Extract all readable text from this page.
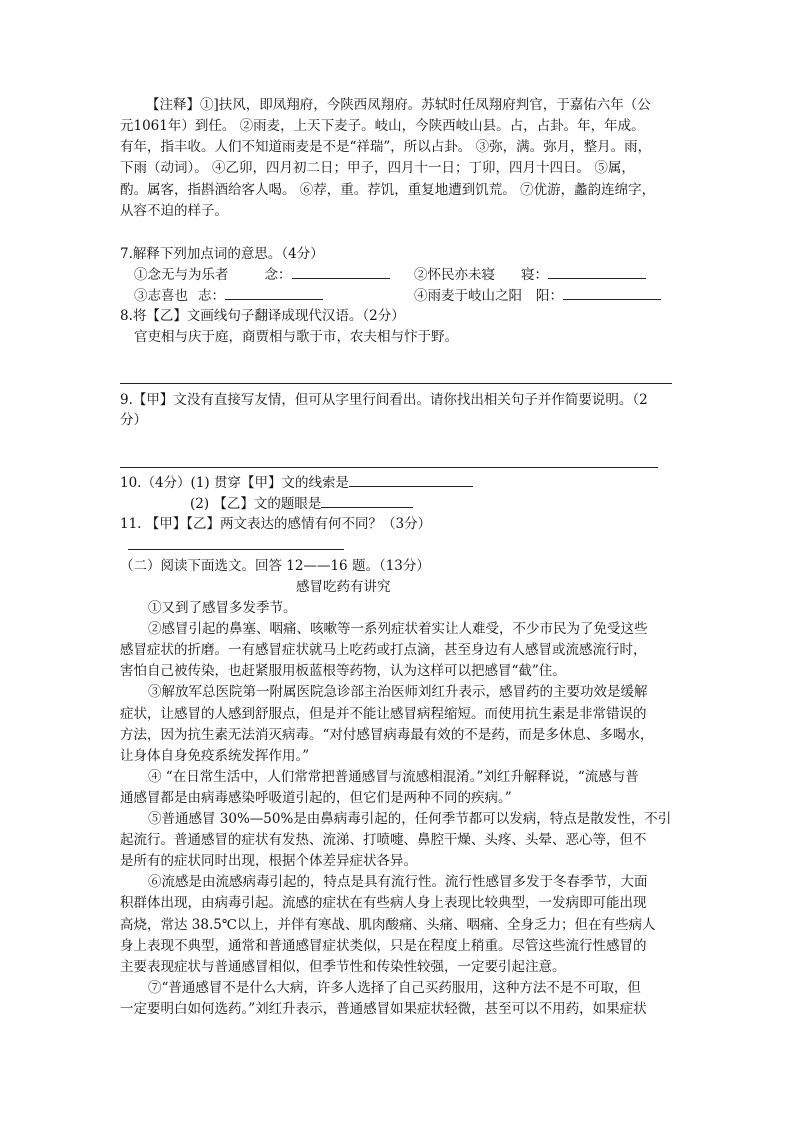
【注释】①]扶风，即凤翔府，今陕西凤翔府。苏轼时任凤翔府判官，于嘉佑六年（公
元1061年）到任。 ②雨麦，上天下麦子。岐山，今陕西岐山县。占，占卦。年，年成。
有年，指丰收。人们不知道雨麦是不是“祥瑞”，所以占卦。 ③弥，满。弥月，整月。雨，
下雨（动词）。 ④乙卯，四月初二日；甲子，四月十一日；丁卯，四月十四日。 ⑤属，
酌。属客，指斟酒给客人喝。 ⑥荐，重。荐饥，重复地遭到饥荒。 ⑦优游，蠡韵连绵字，
从容不迫的样子。
7.解释下列加点词的意思。（4分）
①念无与为乐者	念：	②怀民亦未寝 寝：
③志喜也 志：	④雨麦于岐山之阳 阳：
8.将【乙】文画线句子翻译成现代汉语。（2分）
官吏相与庆于庭，商贾相与歌于市，农夫相与忭于野。
9.【甲】文没有直接写友情，但可从字里行间看出。请你找出相关句子并作简要说明。（2
分）
10.（4分）(1) 贯穿【甲】文的线索是
(2) 【乙】文的题眼是
11. 【甲】【乙】两文表达的感情有何不同？（3分）
（二）阅读下面选文。回答 12——16 题。（13分）
感冒吃药有讲究
①又到了感冒多发季节。
②感冒引起的鼻塞、咽痛、咳嗽等一系列症状着实让人难受，不少市民为了免受这些
感冒症状的折磨。一有感冒症状就马上吃药或打点滴，甚至身边有人感冒或流感流行时，
害怕自己被传染，也赶紧服用板蓝根等药物，认为这样可以把感冒“截”住。
③解放军总医院第一附属医院急诊部主治医师刘红升表示，感冒药的主要功效是缓解
症状，让感冒的人感到舒服点，但是并不能让感冒病程缩短。而使用抗生素是非常错误的
方法，因为抗生素无法消灭病毒。“对付感冒病毒最有效的不是药，而是多休息、多喝水，
让身体自身免疫系统发挥作用。”
④ “在日常生活中，人们常常把普通感冒与流感相混淆。”刘红升解释说，“流感与普
通感冒都是由病毒感染呼吸道引起的，但它们是两种不同的疾病。”
⑤普通感冒 30%—50%是由鼻病毒引起的，任何季节都可以发病，特点是散发性，不引
起流行。普通感冒的症状有发热、流涕、打喷嚏、鼻腔干燥、头疼、头晕、恶心等，但不
是所有的症状同时出现，根据个体差异症状各异。
⑥流感是由流感病毒引起的，特点是具有流行性。流行性感冒多发于冬春季节，大面
积群体出现，由病毒引起。流感的症状在有些病人身上表现比较典型，一发病即可能出现
高烧，常达 38.5℃以上，并伴有寒战、肌肉酸痛、头痛、咽痛、全身乏力；但在有些病人
身上表现不典型，通常和普通感冒症状类似，只是在程度上稍重。尽管这些流行性感冒的
主要表现症状与普通感冒相似，但季节性和传染性较强，一定要引起注意。
⑦“普通感冒不是什么大病，许多人选择了自己买药服用，这种方法不是不可取，但
一定要明白如何选药。”刘红升表示，普通感冒如果症状轻微，甚至可以不用药，如果症状
